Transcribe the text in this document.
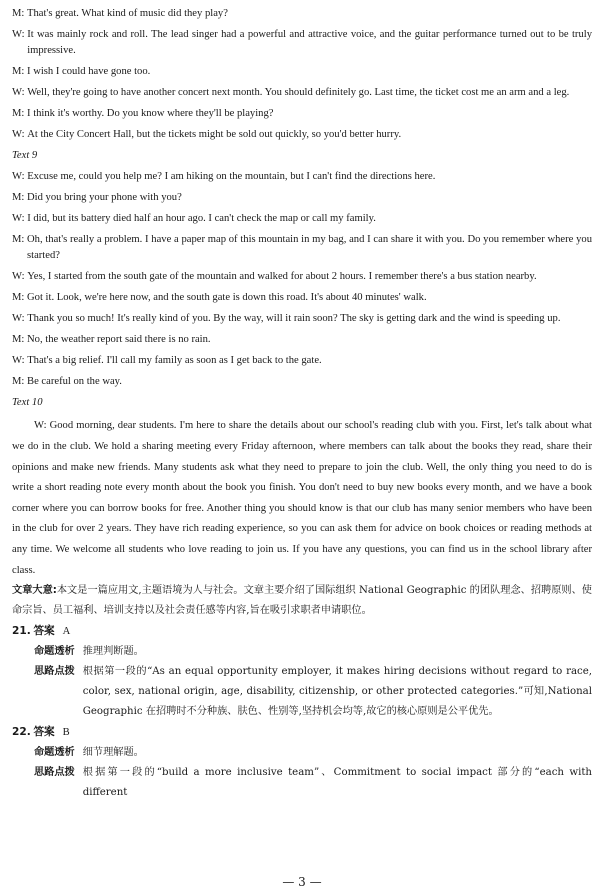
M: That's great. What kind of music did they play?
W: It was mainly rock and roll. The lead singer had a powerful and attractive voice, and the guitar performance turned out to be truly impressive.
M: I wish I could have gone too.
W: Well, they're going to have another concert next month. You should definitely go. Last time, the ticket cost me an arm and a leg.
M: I think it's worthy. Do you know where they'll be playing?
W: At the City Concert Hall, but the tickets might be sold out quickly, so you'd better hurry.
Text 9
W: Excuse me, could you help me? I am hiking on the mountain, but I can't find the directions here.
M: Did you bring your phone with you?
W: I did, but its battery died half an hour ago. I can't check the map or call my family.
M: Oh, that's really a problem. I have a paper map of this mountain in my bag, and I can share it with you. Do you remember where you started?
W: Yes, I started from the south gate of the mountain and walked for about 2 hours. I remember there's a bus station nearby.
M: Got it. Look, we're here now, and the south gate is down this road. It's about 40 minutes' walk.
W: Thank you so much! It's really kind of you. By the way, will it rain soon? The sky is getting dark and the wind is speeding up.
M: No, the weather report said there is no rain.
W: That's a big relief. I'll call my family as soon as I get back to the gate.
M: Be careful on the way.
Text 10

W: Good morning, dear students. I'm here to share the details about our school's reading club with you. First, let's talk about what we do in the club. We hold a sharing meeting every Friday afternoon, where members can talk about the books they read, share their opinions and make new friends. Many students ask what they need to prepare to join the club. Well, the only thing you need to do is write a short reading note every month about the book you finish. You don't need to buy new books every month, and we have a book corner where you can borrow books for free. Another thing you should know is that our club has many senior members who have been in the club for over 2 years. They have rich reading experience, so you can ask them for advice on book choices or reading methods at any time. We welcome all students who love reading to join us. If you have any questions, you can find us in the school library after class.

文章大意:本文是一篇应用文,主题语境为人与社会。文章主要介绍了国际组织 National Geographic 的团队理念、招聘原则、使命宗旨、员工福利、培训支持以及社会责任感等内容,旨在吸引求职者申请职位。

21. 答案 A

命题透析 推理判断题。
思路点拨 根据第一段的“As an equal opportunity employer, it makes hiring decisions without regard to race, color, sex, national origin, age, disability, citizenship, or other protected categories.”可知,National Geographic 在招聘时不分种族、肤色、性别等,坚持机会均等,故它的核心原则是公平优先。

22. 答案 B

命题透析 细节理解题。
思路点拨 根据第一段的“build a more inclusive team”、Commitment to social impact 部分的“each with different
— 3 —
